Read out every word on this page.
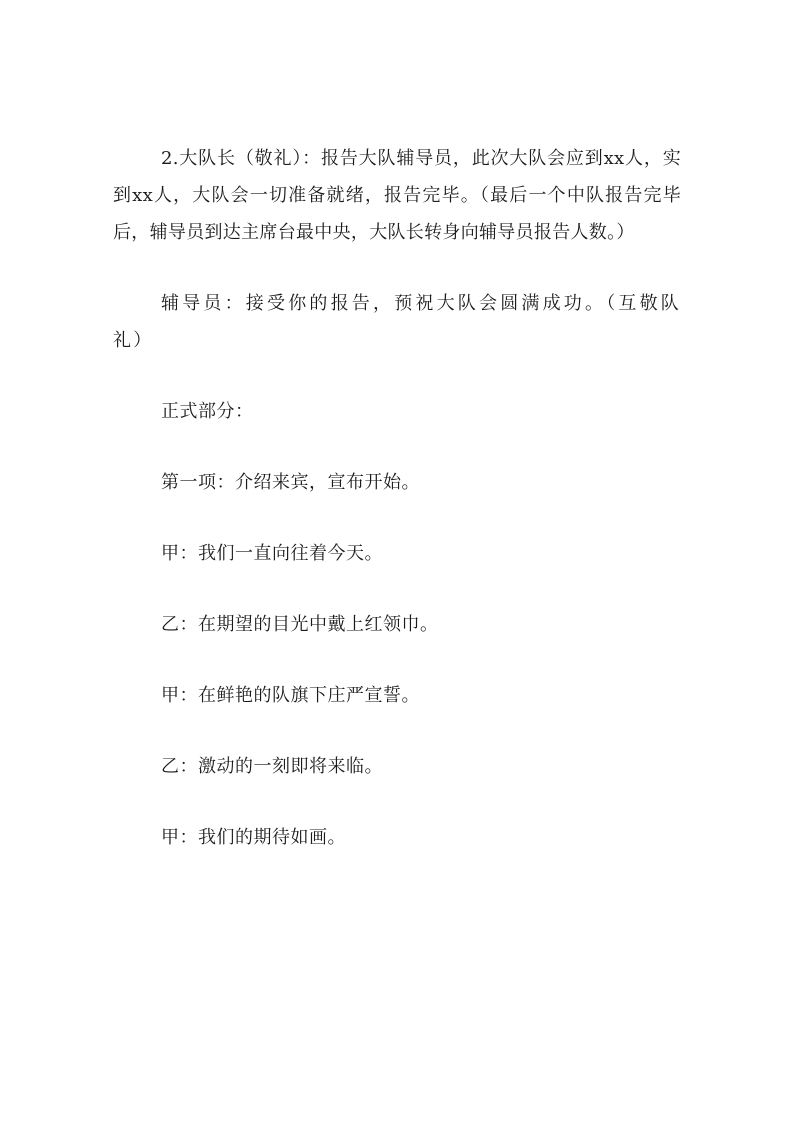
2.大队长（敬礼）：报告大队辅导员，此次大队会应到xx人，实到xx人，大队会一切准备就绪，报告完毕。（最后一个中队报告完毕后，辅导员到达主席台最中央，大队长转身向辅导员报告人数。）

辅导员：接受你的报告，预祝大队会圆满成功。（互敬队礼）

正式部分：

第一项：介绍来宾，宣布开始。

甲：我们一直向往着今天。

乙：在期望的目光中戴上红领巾。

甲：在鲜艳的队旗下庄严宣誓。

乙：激动的一刻即将来临。

甲：我们的期待如画。
